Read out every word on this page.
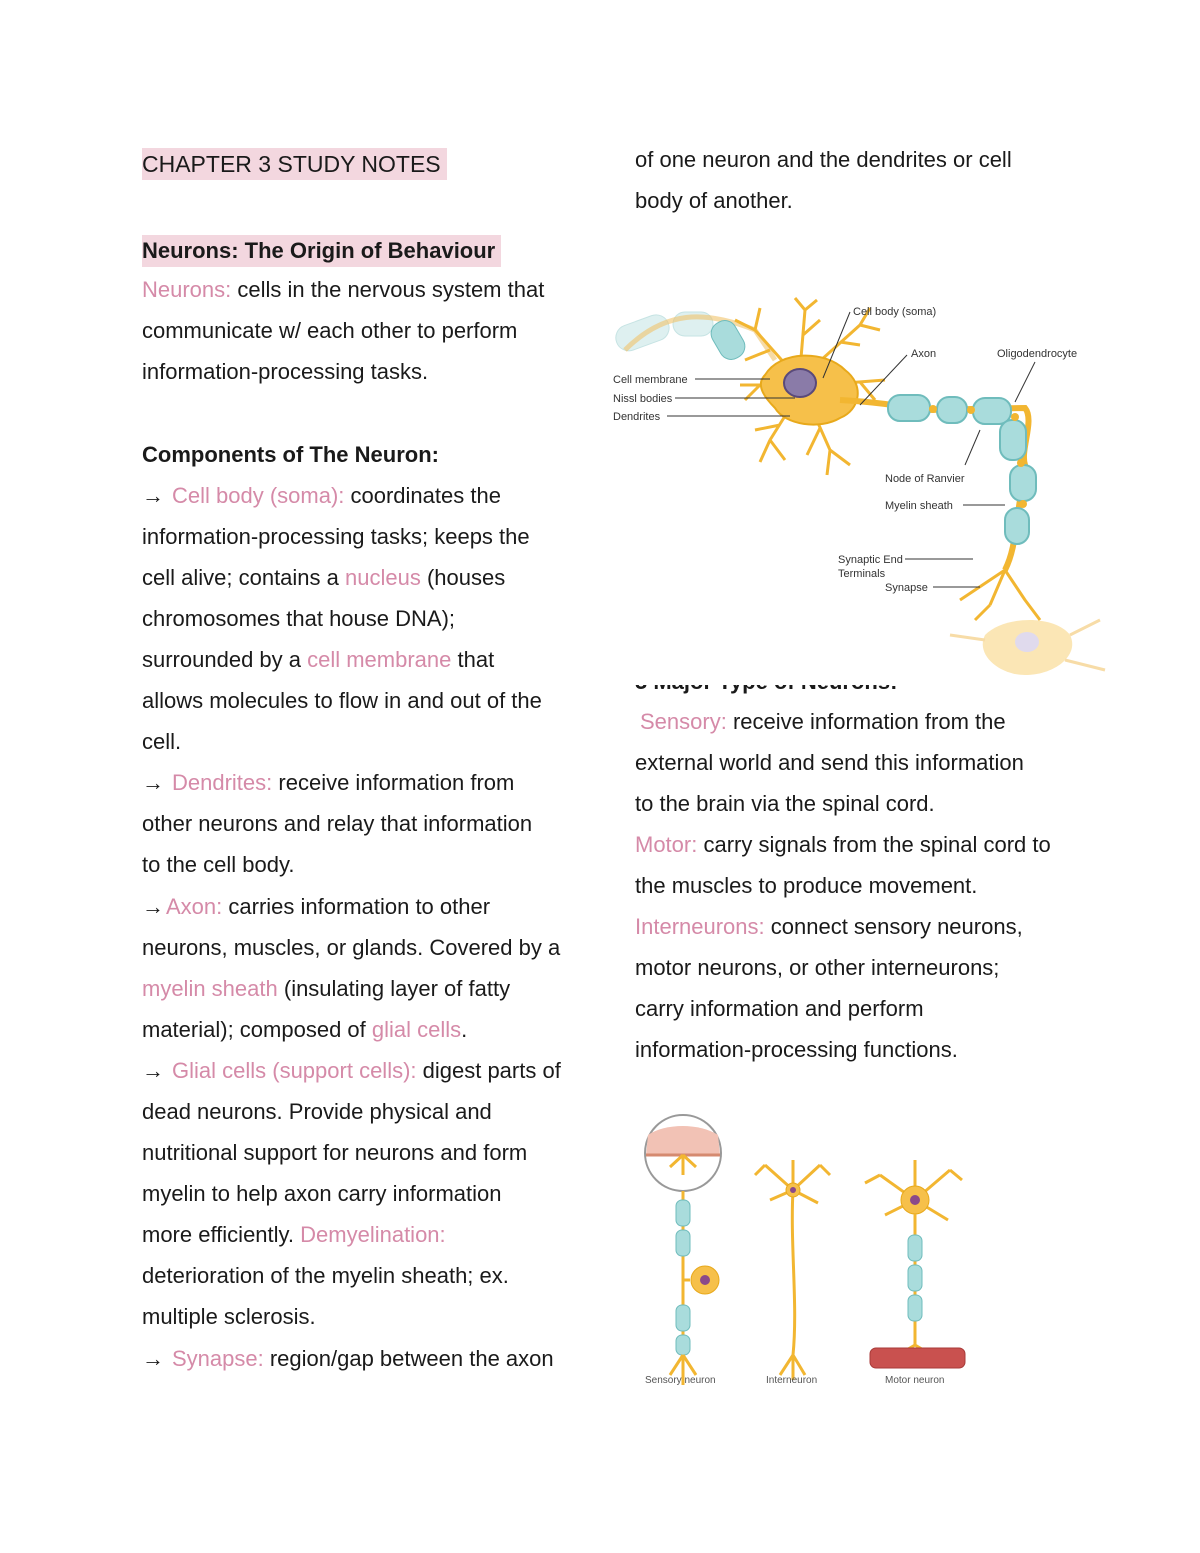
CHAPTER 3 STUDY NOTES
Neurons: The Origin of Behaviour
Neurons: cells in the nervous system that
communicate w/ each other to perform
information-processing tasks.
Components of The Neuron:
→ Cell body (soma): coordinates the
information-processing tasks; keeps the
cell alive; contains a nucleus (houses
chromosomes that house DNA);
surrounded by a cell membrane that
allows molecules to flow in and out of the
cell.
→ Dendrites: receive information from
other neurons and relay that information
to the cell body.
→Axon: carries information to other
neurons, muscles, or glands. Covered by a
myelin sheath (insulating layer of fatty
material); composed of glial cells.
→ Glial cells (support cells): digest parts of
dead neurons. Provide physical and
nutritional support for neurons and form
myelin to help axon carry information
more efficiently. Demyelination:
deterioration of the myelin sheath; ex.
multiple sclerosis.
→ Synapse: region/gap between the axon
of one neuron and the dendrites or cell
body of another.
Sensory: receive information from the
external world and send this information
to the brain via the spinal cord.
Motor: carry signals from the spinal cord to
the muscles to produce movement.
Interneurons: connect sensory neurons,
motor neurons, or other interneurons;
carry information and perform
information-processing functions.
Cell body (soma)
Axon	Oligodendrocyte
Cell membrane
Nissl bodies
Dendrites
Node of Ranvier
Myelin sheath
Synaptic End
Terminals
Synapse
Sensory neuron	Interneuron	Motor neuron
